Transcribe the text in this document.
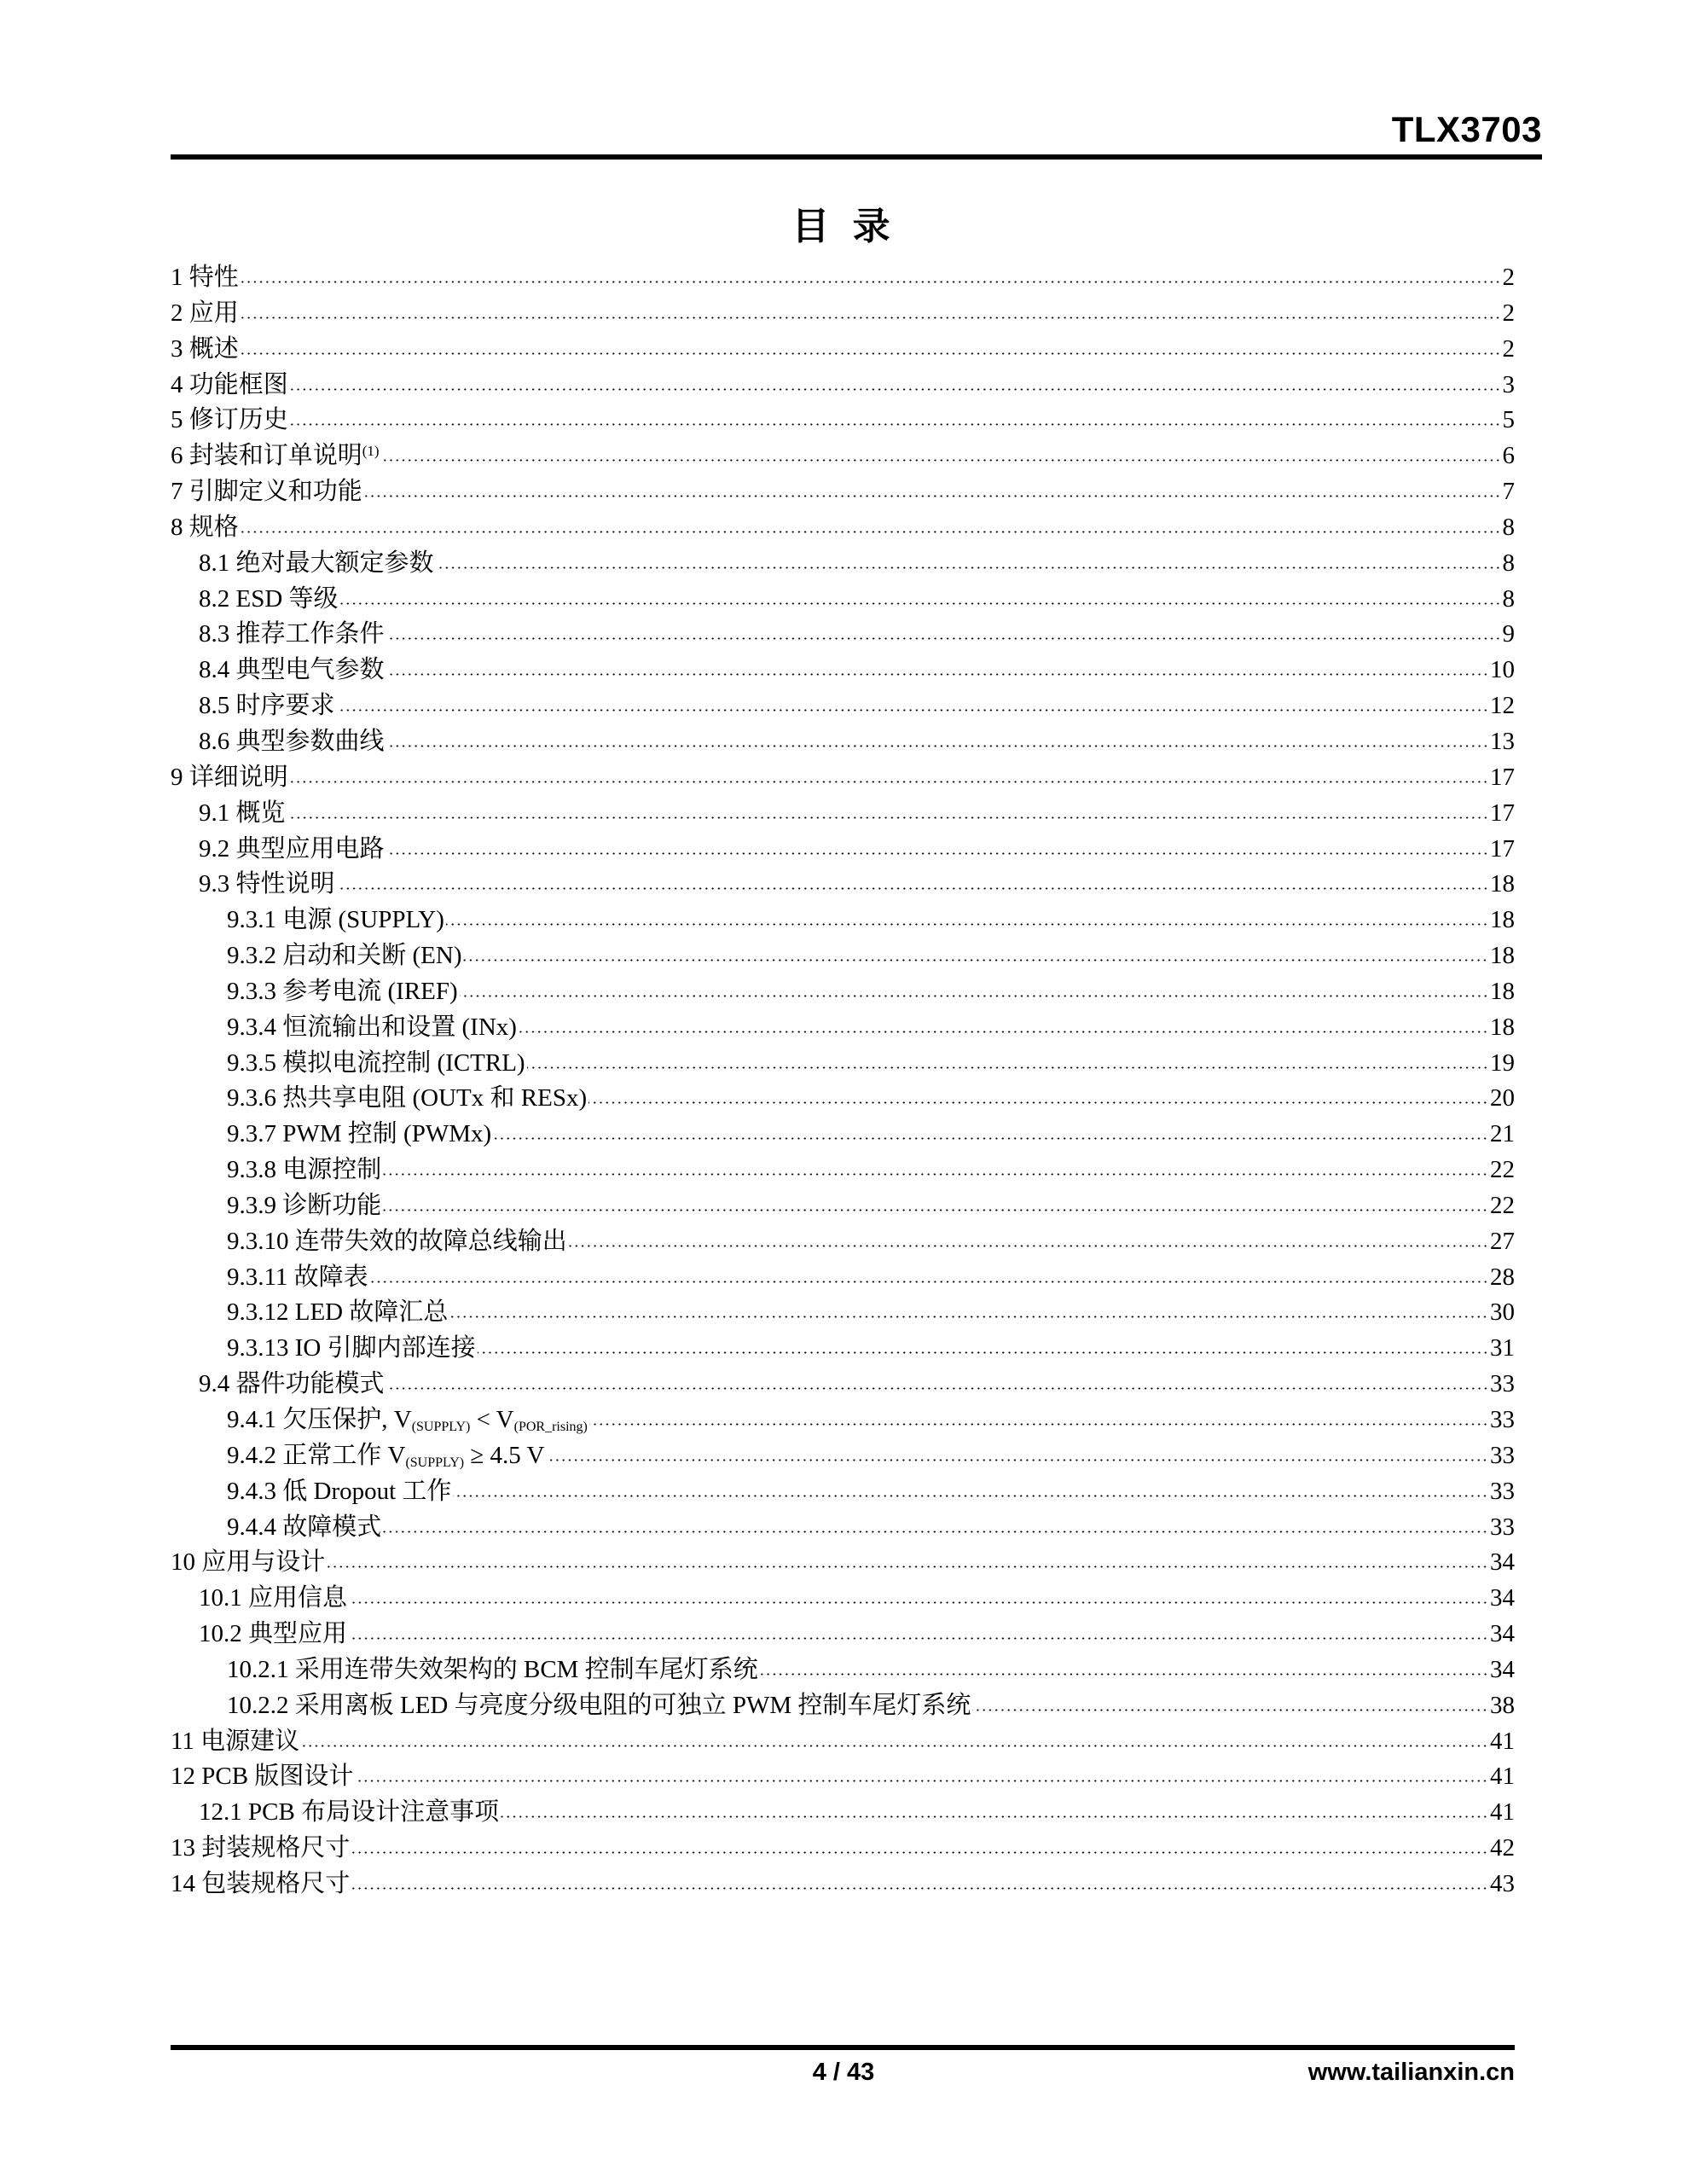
TLX3703
目 录
1 特性	2
2 应用	2
3 概述	2
4 功能框图	3
5 修订历史	5
6 封装和订单说明$^{(1)}$	6
7 引脚定义和功能	7
8 规格	8
8.1 绝对最大额定参数	8
8.2 ESD 等级	8
8.3 推荐工作条件	9
8.4 典型电气参数	10
8.5 时序要求	12
8.6 典型参数曲线	13
9 详细说明	17
9.1 概览	17
9.2 典型应用电路	17
9.3 特性说明	18
9.3.1 电源 (SUPPLY)	18
9.3.2 启动和关断 (EN)	18
9.3.3 参考电流 (IREF)	18
9.3.4 恒流输出和设置 (INx)	18
9.3.5 模拟电流控制 (ICTRL)	19
9.3.6 热共享电阻 (OUTx 和 RESx)	20
9.3.7 PWM 控制 (PWMx)	21
9.3.8 电源控制	22
9.3.9 诊断功能	22
9.3.10 连带失效的故障总线输出	27
9.3.11 故障表	28
9.3.12 LED 故障汇总	30
9.3.13 IO 引脚内部连接	31
9.4 器件功能模式	33
9.4.1 欠压保护, $V_{(SUPPLY)} < V_{(POR\_rising)}$	33
9.4.2 正常工作 $V_{(SUPPLY)} \ge 4.5$ V	33
9.4.3 低 Dropout 工作	33
9.4.4 故障模式	33
10 应用与设计	34
10.1 应用信息	34
10.2 典型应用	34
10.2.1 采用连带失效架构的 BCM 控制车尾灯系统	34
10.2.2 采用离板 LED 与亮度分级电阻的可独立 PWM 控制车尾灯系统	38
11 电源建议	41
12 PCB 版图设计	41
12.1 PCB 布局设计注意事项	41
13 封装规格尺寸	42
14 包装规格尺寸	43
4 / 43	www.tailianxin.cn
